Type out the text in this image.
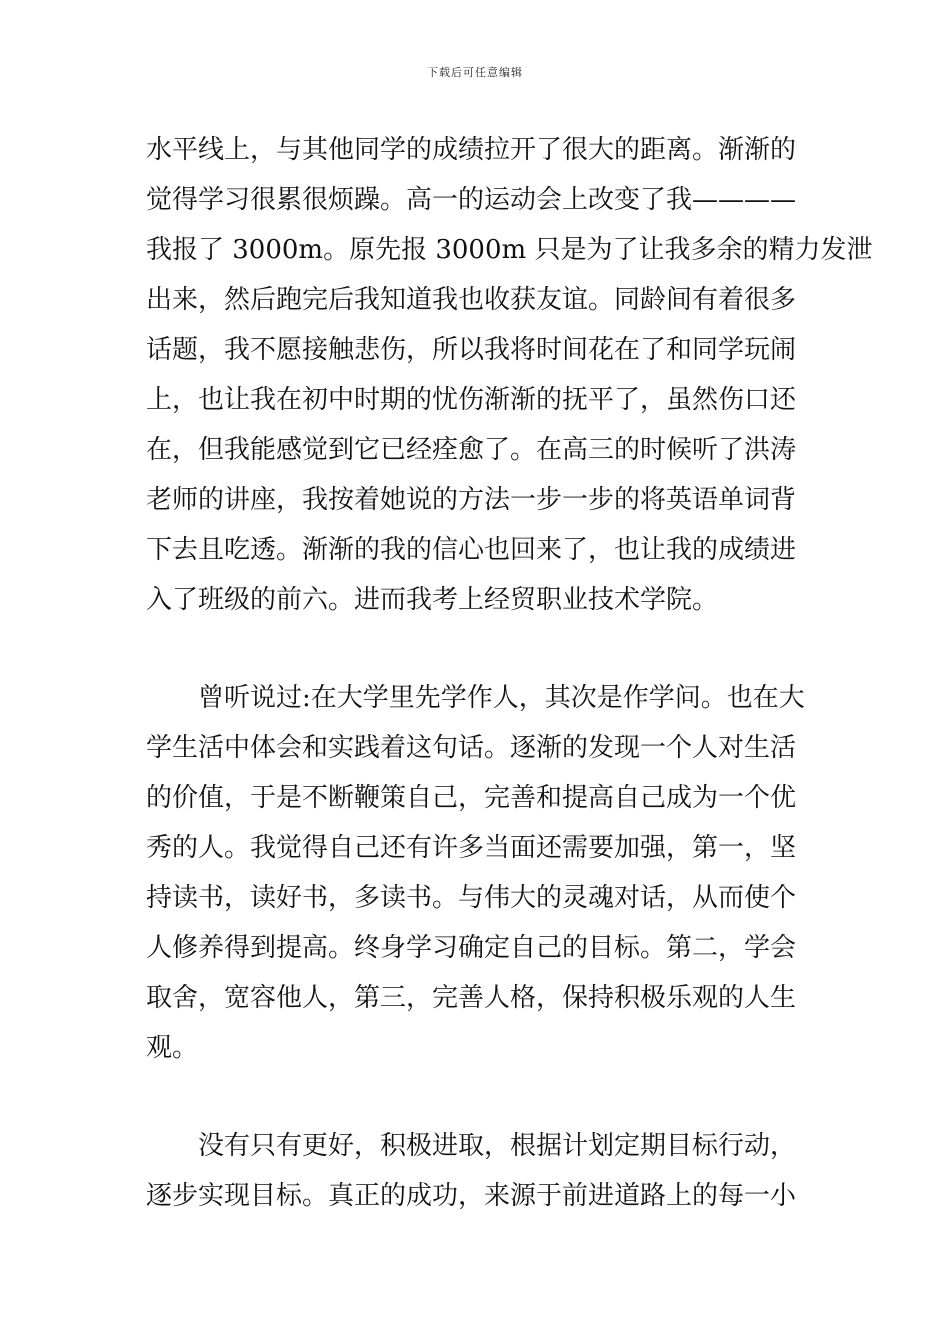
下载后可任意编辑

水平线上，与其他同学的成绩拉开了很大的距离。渐渐的

觉得学习很累很烦躁。高一的运动会上改变了我————

我报了 3000m。原先报 3000m 只是为了让我多余的精力发泄

出来，然后跑完后我知道我也收获友谊。同龄间有着很多

话题，我不愿接触悲伤，所以我将时间花在了和同学玩闹

上，也让我在初中时期的忧伤渐渐的抚平了，虽然伤口还

在，但我能感觉到它已经痊愈了。在高三的时候听了洪涛

老师的讲座，我按着她说的方法一步一步的将英语单词背

下去且吃透。渐渐的我的信心也回来了，也让我的成绩进

入了班级的前六。进而我考上经贸职业技术学院。

曾听说过:在大学里先学作人，其次是作学问。也在大

学生活中体会和实践着这句话。逐渐的发现一个人对生活

的价值，于是不断鞭策自己，完善和提高自己成为一个优

秀的人。我觉得自己还有许多当面还需要加强，第一，坚

持读书，读好书，多读书。与伟大的灵魂对话，从而使个

人修养得到提高。终身学习确定自己的目标。第二，学会

取舍，宽容他人，第三，完善人格，保持积极乐观的人生

观。

没有只有更好，积极进取，根据计划定期目标行动，

逐步实现目标。真正的成功，来源于前进道路上的每一小
